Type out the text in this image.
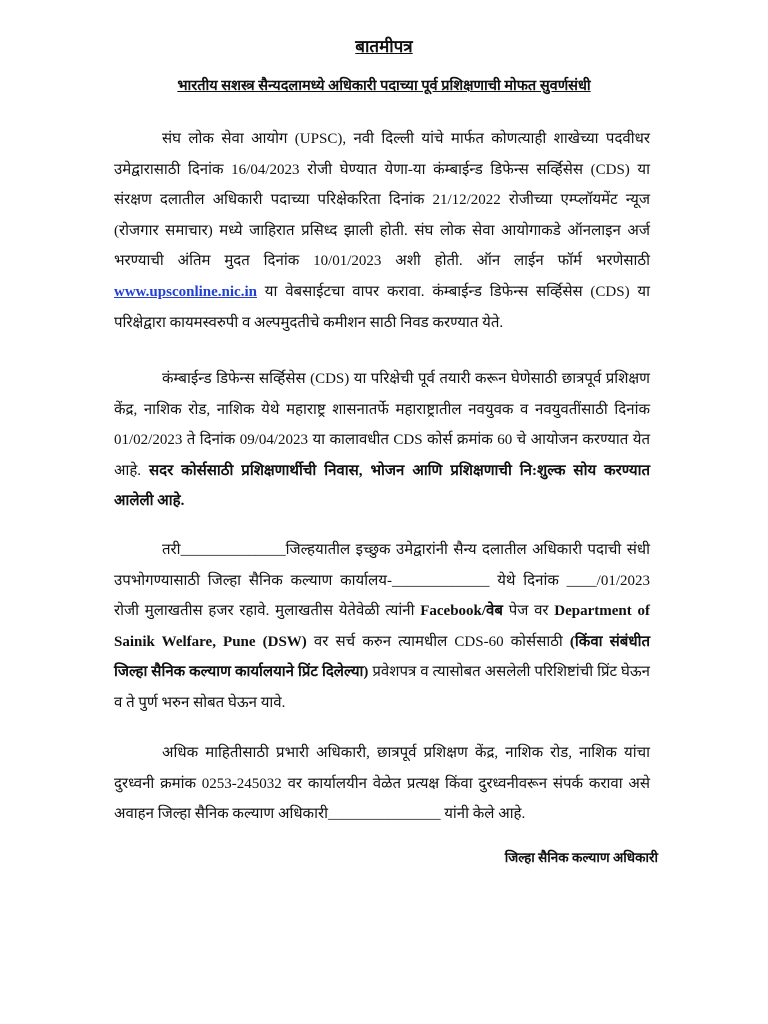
बातमीपत्र
भारतीय सशस्त्र सैन्यदलामध्ये अधिकारी पदाच्या पूर्व प्रशिक्षणाची मोफत सुवर्णसंधी

संघ लोक सेवा आयोग (UPSC), नवी दिल्ली यांचे मार्फत कोणत्याही शाखेच्या पदवीधर उमेद्वारासाठी दिनांक 16/04/2023 रोजी घेण्यात येणा-या कंम्बाईन्ड डिफेन्स सर्व्हिसेस (CDS) या संरक्षण दलातील अधिकारी पदाच्या परिक्षेकरिता दिनांक 21/12/2022 रोजीच्या एम्प्लॉयमेंट न्यूज (रोजगार समाचार) मध्ये जाहिरात प्रसिध्द झाली होती. संघ लोक सेवा आयोगाकडे ऑनलाइन अर्ज भरण्याची अंतिम मुदत दिनांक 10/01/2023 अशी होती. ऑन लाईन फॉर्म भरणेसाठी www.upsconline.nic.in या वेबसाईटचा वापर करावा. कंम्बाईन्ड डिफेन्स सर्व्हिसेस (CDS) या परिक्षेद्वारा कायमस्वरुपी व अल्पमुदतीचे कमीशन साठी निवड करण्यात येते.

कंम्बाईन्ड डिफेन्स सर्व्हिसेस (CDS) या परिक्षेची पूर्व तयारी करून घेणेसाठी छात्रपूर्व प्रशिक्षण केंद्र, नाशिक रोड, नाशिक येथे महाराष्ट्र शासनातर्फे महाराष्ट्रातील नवयुवक व नवयुवतींसाठी दिनांक 01/02/2023 ते दिनांक 09/04/2023 या कालावधीत CDS कोर्स क्रमांक 60 चे आयोजन करण्यात येत आहे. सदर कोर्ससाठी प्रशिक्षणार्थीची निवास, भोजन आणि प्रशिक्षणाची नि:शुल्क सोय करण्यात आलेली आहे.

तरी______________जिल्हयातील इच्छुक उमेद्वारांनी सैन्य दलातील अधिकारी पदाची संधी उपभोगण्यासाठी जिल्हा सैनिक कल्याण कार्यालय-_____________ येथे दिनांक ____/01/2023 रोजी मुलाखतीस हजर रहावे. मुलाखतीस येतेवेळी त्यांनी Facebook/वेब पेज वर Department of Sainik Welfare, Pune (DSW) वर सर्च करुन त्यामधील CDS-60 कोर्ससाठी (किंवा संबंधीत जिल्हा सैनिक कल्याण कार्यालयाने प्रिंट दिलेल्या) प्रवेशपत्र व त्यासोबत असलेली परिशिष्टांची प्रिंट घेऊन व ते पुर्ण भरुन सोबत घेऊन यावे.

अधिक माहितीसाठी प्रभारी अधिकारी, छात्रपूर्व प्रशिक्षण केंद्र, नाशिक रोड, नाशिक यांचा दुरध्वनी क्रमांक 0253-245032 वर कार्यालयीन वेळेत प्रत्यक्ष किंवा दुरध्वनीवरून संपर्क करावा असे अवाहन जिल्हा सैनिक कल्याण अधिकारी_______________ यांनी केले आहे.

जिल्हा सैनिक कल्याण अधिकारी
